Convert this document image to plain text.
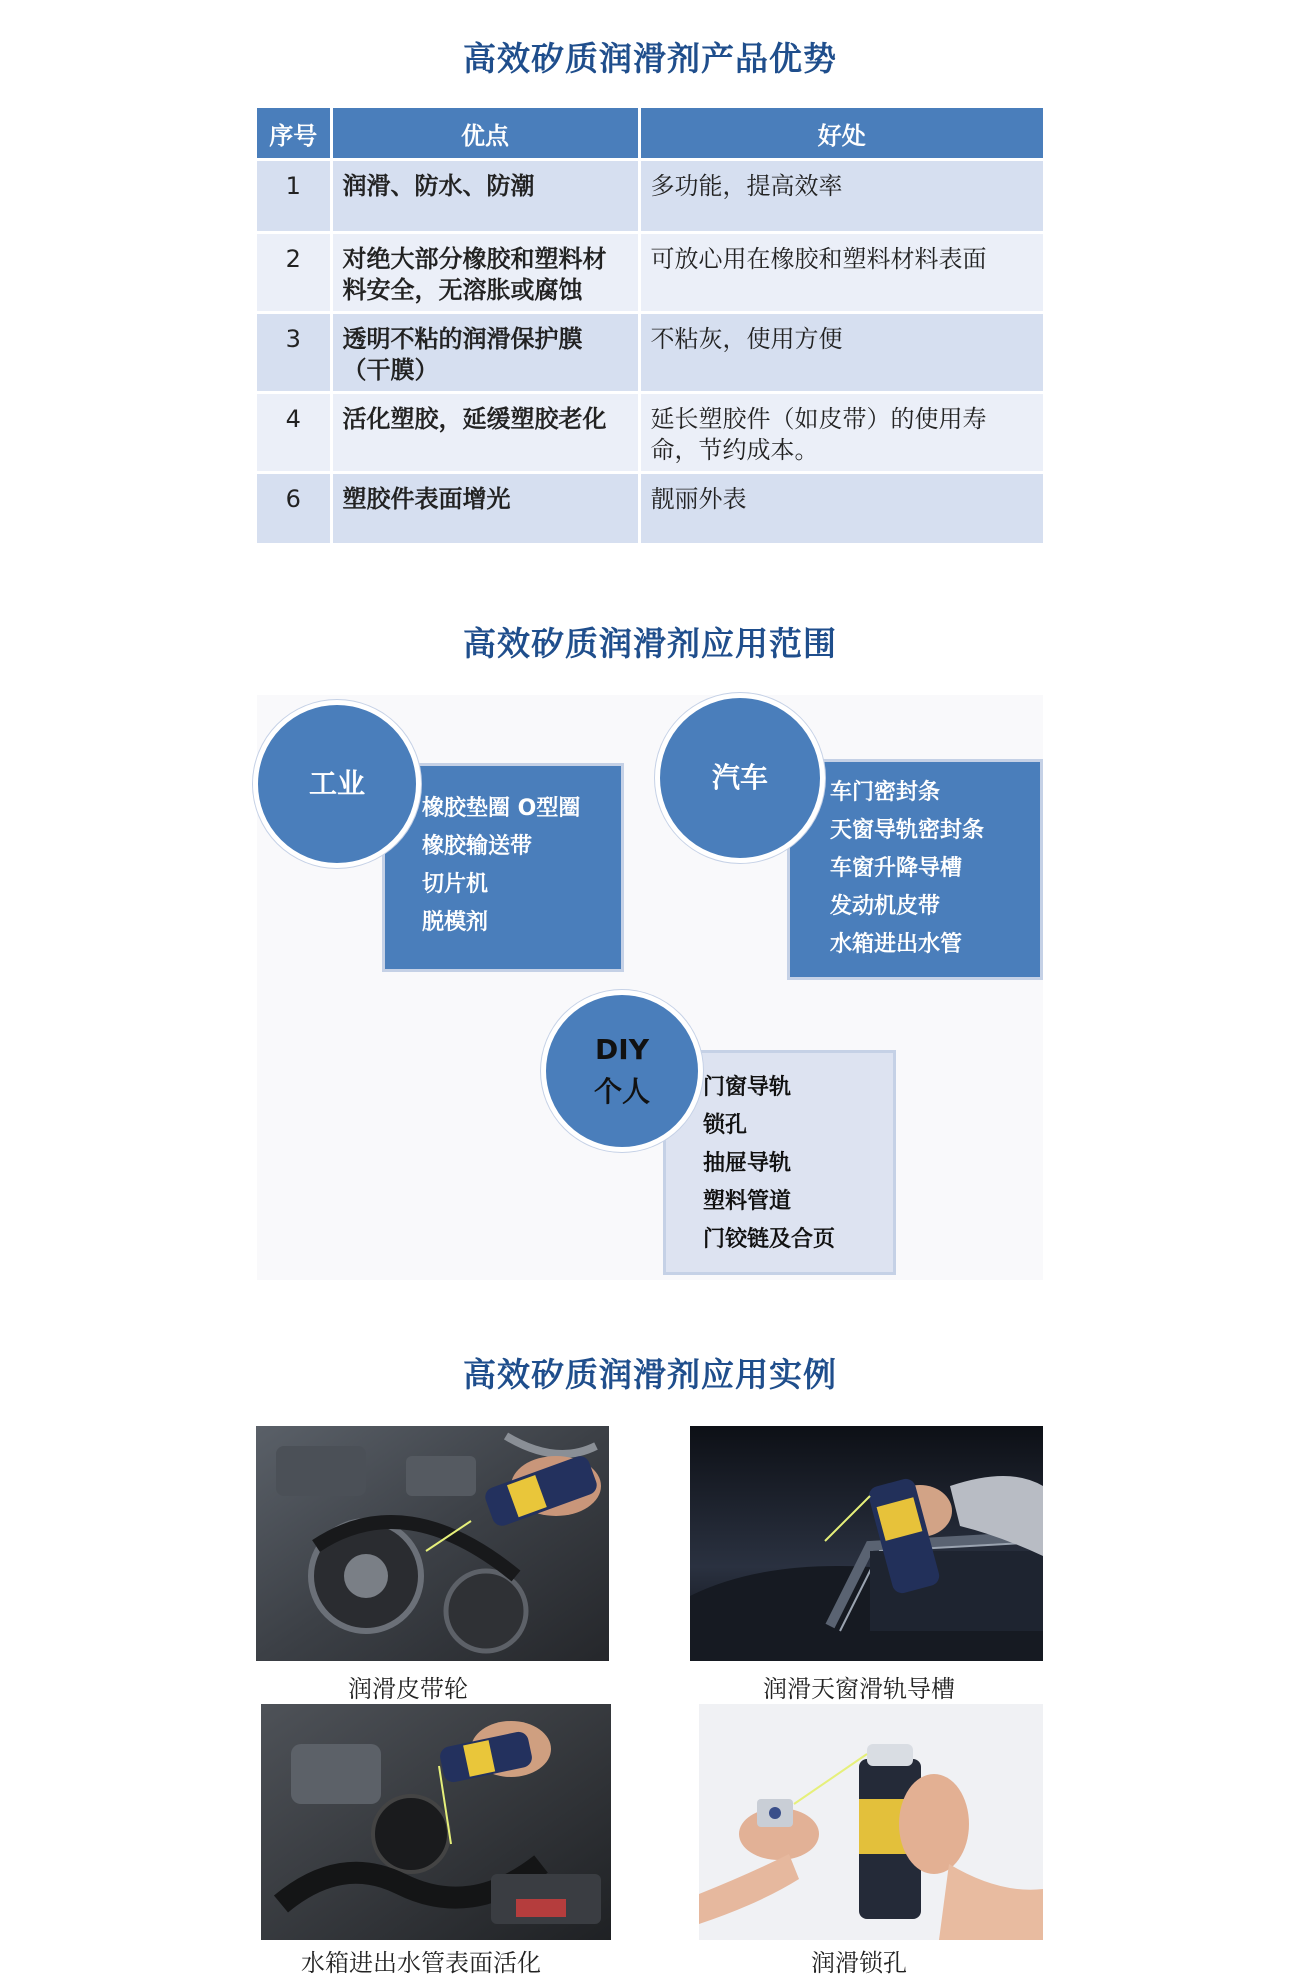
高效矽质润滑剂产品优势
序号	优点	好处
1	润滑、防水、防潮	多功能，提高效率
2	对绝大部分橡胶和塑料材料安全，无溶胀或腐蚀	可放心用在橡胶和塑料材料表面
3	透明不粘的润滑保护膜（干膜）	不粘灰，使用方便
4	活化塑胶，延缓塑胶老化	延长塑胶件（如皮带）的使用寿命，节约成本。
6	塑胶件表面增光	靓丽外表
高效矽质润滑剂应用范围
橡胶垫圈 O型圈
橡胶输送带
切片机
脱模剂
工业	车门密封条
天窗导轨密封条
车窗升降导槽
发动机皮带
水箱进出水管
汽车
门窗导轨
锁孔
抽屉导轨
塑料管道
门铰链及合页
DIY
个人
高效矽质润滑剂应用实例
润滑皮带轮	润滑天窗滑轨导槽
水箱进出水管表面活化	润滑锁孔
